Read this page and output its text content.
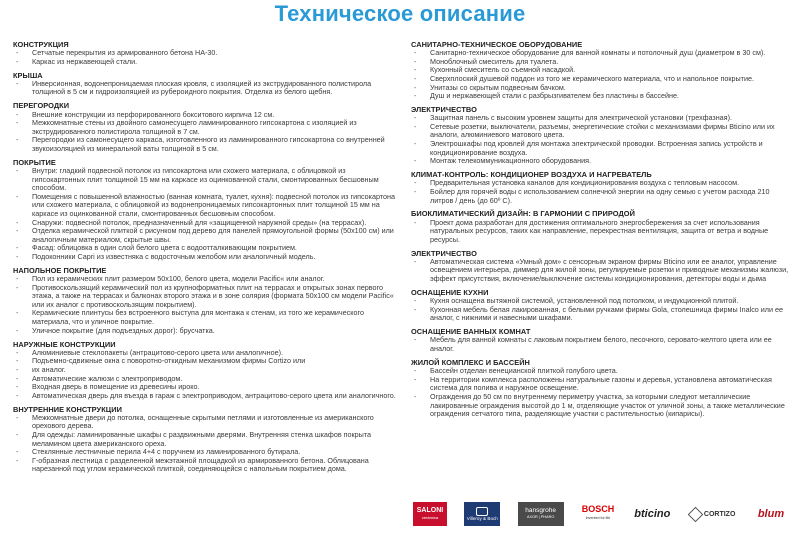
Техническое описание
КОНСТРУКЦИЯ
- Сетчатые перекрытия из армированного бетона НА-30.
- Каркас из нержавеющей стали.
КРЫША
- Инверсионная, водонепроницаемая плоская кровля, с изоляцией из экструдированного полистирола толщиной в 5 см и гидроизоляцией из рубероидного покрытия. Отделка из белого щебня.
ПЕРЕГОРОДКИ
- Внешние конструкции из перфорированного бокситового кирпича 12 см.
- Межкомнатные стены из двойного самонесущего ламинированного гипсокартона с изоляцией из экструдированного полистирола толщиной в 7 см.
- Перегородки из самонесущего каркаса, изготовленного из ламинированного гипсокартона со внутренней звукоизоляцией из минеральной ваты толщиной в 5 см.
ПОКРЫТИЕ
- Внутри: гладкий подвесной потолок из гипсокартона или схожего материала, с облицовкой из гипсокартонных плит толщиной 15 мм на каркасе из оцинкованной стали, смонтированных бесшовным способом.
- Помещения с повышенной влажностью (ванная комната, туалет, кухня): подвесной потолок из гипсокартона или схожего материала, с облицовкой из водонепроницаемых гипсокартонных плит толщиной 15 мм на каркасе из оцинкованной стали, смонтированных бесшовным способом.
- Снаружи: подвесной потолок, предназначенный для «защищенной наружной среды» (на террасах).
- Отделка керамической плиткой с рисунком под дерево для панелей прямоугольной формы (50x100 см) или аналогичным материалом, скрытые швы.
- Фасад: облицовка в один слой белого цвета с водоотталкивающим покрытием.
- Подоконники Capri из известняка с водосточным желобом или аналогичный модель.
НАПОЛЬНОЕ ПОКРЫТИЕ
- Пол из керамических плит размером 50x100, белого цвета, модели Pacific« или аналог.
- Противоскользящий керамический пол из крупноформатных плит на террасах и открытых зонах первого этажа, а также на террасах и балконах второго этажа и в зоне солярия (формата 50x100 см модели Pacific« или их аналог с противоскользящим покрытием).
- Керамические плинтусы без встроенного выступа для монтажа к стенам, из того же керамического материала, что и уличное покрытие.
- Уличное покрытие (для подъездных дорог): брусчатка.
НАРУЖНЫЕ КОНСТРУКЦИИ
- Алюминиевые стеклопакеты (антрацитово-серого цвета или аналогичное).
- Подъемно-сдвижные окна с поворотно-откидным механизмом фирмы Cortizo или
- их аналог.
- Автоматические жалюзи с электроприводом.
- Входная дверь в помещение из древесины ироко.
- Автоматическая дверь для въезда в гараж с электроприводом, антрацитово-серого цвета или аналогичного.
ВНУТРЕННИЕ КОНСТРУКЦИИ
- Межкомнатные двери до потолка, оснащенные скрытыми петлями и изготовленные из американского орехового дерева.
- Для одежды: ламинированные шкафы с раздвижными дверями. Внутренняя стенка шкафов покрыта меламином цвета американского ореха.
- Стеклянные лестничные перила 4+4 с поручнем из ламинированного бутирала.
- Г-образная лестница с разделенной межэтажной площадкой из армированного бетона. Облицована нарезанной под углом керамической плиткой, соединяющейся с напольным покрытием дома.
САНИТАРНО-ТЕХНИЧЕСКОЕ ОБОРУДОВАНИЕ
- Санитарно-техническое оборудование для ванной комнаты и потолочный душ (диаметром в 30 см).
- Моноблочный смеситель для туалета.
- Кухонный смеситель со съемной насадкой.
- Сверхплоский душевой поддон из того же керамического материала, что и напольное покрытие.
- Унитазы со скрытым подвесным бачком.
- Душ и нержавеющей стали с разбрызгивателем без пластины в бассейне.
ЭЛЕКТРИЧЕСТВО
- Защитная панель с высоким уровнем защиты для электрической установки (трехфазная).
- Сетевые розетки, выключатели, разъемы, энергетические стойки с механизмами фирмы Bticino или их аналоги, алюминиевого матового цвета.
- Электрошкафы под кровлей для монтажа электрической проводки. Встроенная запись устройств и кондиционирование воздуха.
- Монтаж телекоммуникационного оборудования.
КЛИМАТ-КОНТРОЛЬ: КОНДИЦИОНЕР ВОЗДУХА И НАГРЕВАТЕЛЬ
- Предварительная установка каналов для кондиционирования воздуха с тепловым насосом.
- Бойлер для горячей воды с использованием солнечной энергии на одну семью с учетом расхода 210 литров / день (до 60º С).
БИОКЛИМАТИЧЕСКИЙ ДИЗАЙН: В ГАРМОНИИ С ПРИРОДОЙ
- Проект дома разработан для достижения оптимального энергосбережения за счет использования натуральных ресурсов, таких как направление, перекрестная вентиляция, защита от ветра и водные ресурсы.
ЭЛЕКТРИЧЕСТВО
- Автоматическая система «Умный дом» с сенсорным экраном фирмы Bticino или ее аналог, управление освещением интерьера, диммер для жилой зоны, регулируемые розетки и приводные механизмы жалюзи, эффект присутствия, включение/выключение системы кондиционирования, детекторы воды и дыма
ОСНАЩЕНИЕ КУХНИ
- Кухня оснащена вытяжной системой, установленной под потолком, и индукционной плитой.
- Кухонная мебель белая лакированная, с белыми ручками фирмы Gola, столешница фирмы Inalco или ее аналог, с нижними и навесными шкафами.
ОСНАЩЕНИЕ ВАННЫХ КОМНАТ
- Мебель для ванной комнаты с лаковым покрытием белого, песочного, серовато-желтого цвета или ее аналог.
ЖИЛОЙ КОМПЛЕКС И БАССЕЙН
- Бассейн отделан венецианской плиткой голубого цвета.
- На территории комплекса расположены натуральные газоны и деревья, установлена автоматическая система для полива и наружное освещение.
- Ограждения до 50 см по внутреннему периметру участка, за которыми следуют металлические лакированные ограждения высотой до 1 м, отделяющие участок от уличной зоны, а также металлические ограждения сетчатого типа, разделяющие участки с растительностью (кипарисы).
SALONI
cerámica	Villeroy & Boch
hansgrohe
AXOR | PHARO
BOSCH
Invented for life bticino	CORTIZO blum
